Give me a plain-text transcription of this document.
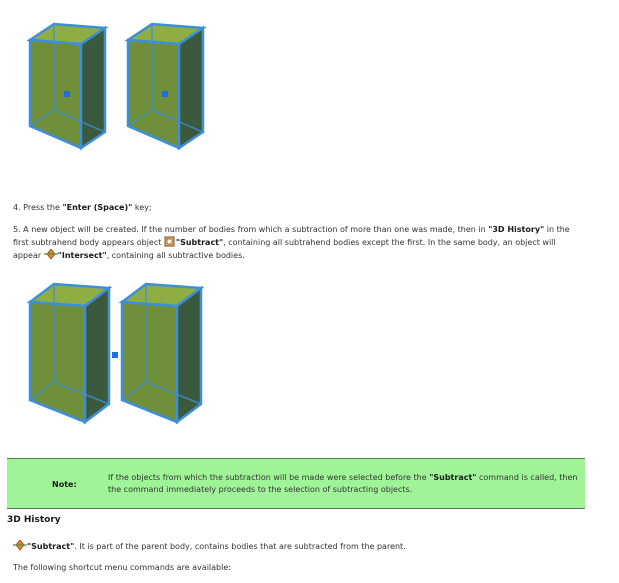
4. Press the "Enter (Space)" key;
5. A new object will be created. If the number of bodies from which a subtraction of more than one was made, then in "3D History" in the first subtrahend body appears object "Subtract", containing all subtrahend bodies except the first. In the same body, an object will appear "Intersect", containing all subtractive bodies.
Note:
If the objects from which the subtraction will be made were selected before the "Subtract" command is called, then the command immediately proceeds to the selection of subtracting objects.
3D History
"Subtract". It is part of the parent body, contains bodies that are subtracted from the parent.
The following shortcut menu commands are available:
